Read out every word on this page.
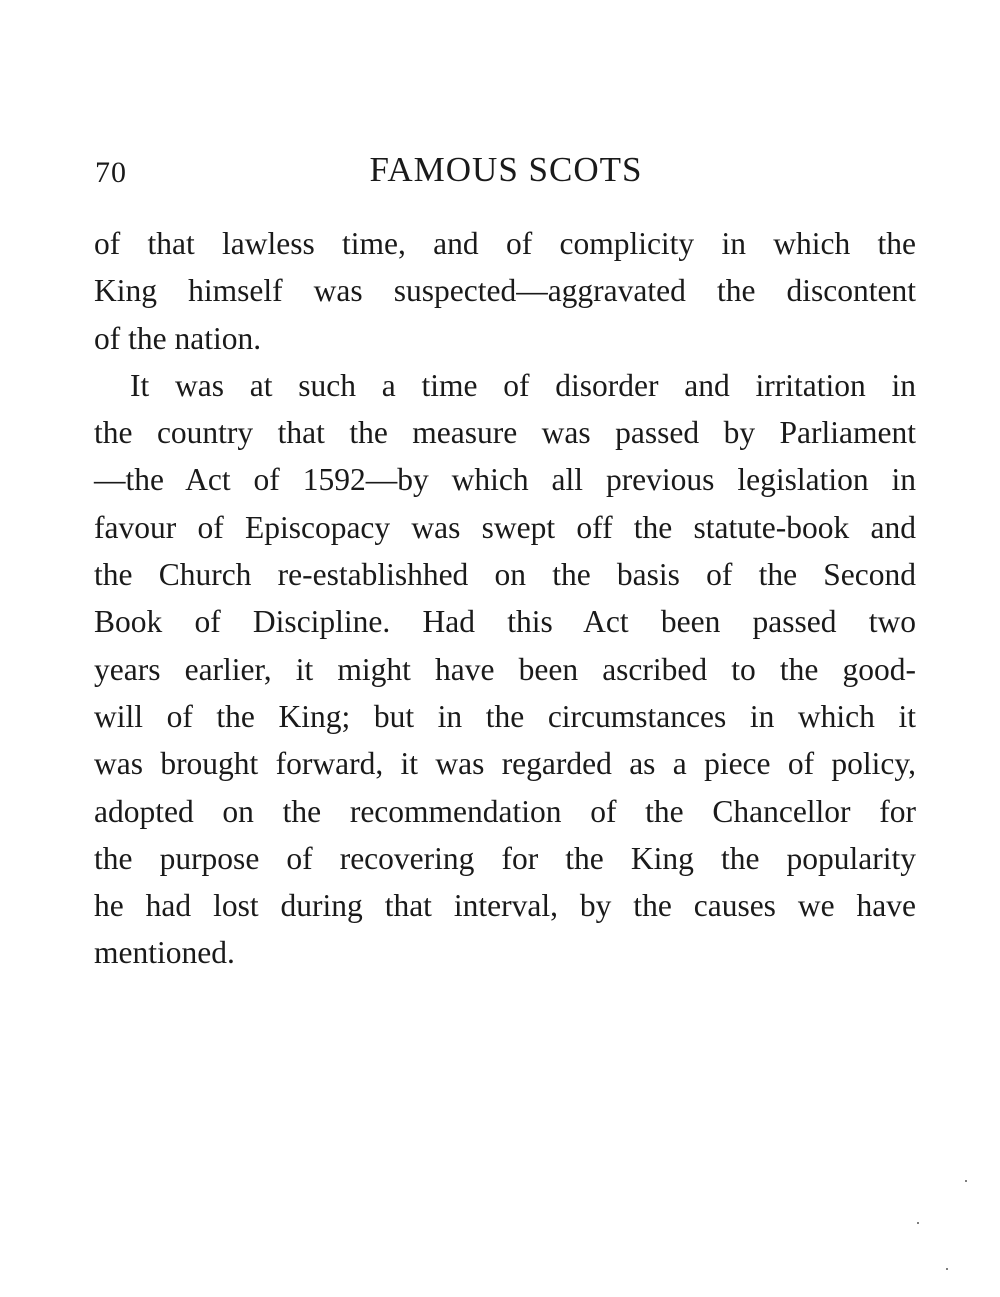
70	FAMOUS SCOTS
of that lawless time, and of complicity in which the
King himself was suspected—aggravated the discontent
of the nation.
It was at such a time of disorder and irritation in
the country that the measure was passed by Parliament
—the Act of 1592—by which all previous legislation in
favour of Episcopacy was swept off the statute-book and
the Church re-establishhed on the basis of the Second
Book of Discipline. Had this Act been passed two
years earlier, it might have been ascribed to the good-
will of the King; but in the circumstances in which it
was brought forward, it was regarded as a piece of policy,
adopted on the recommendation of the Chancellor for
the purpose of recovering for the King the popularity
he had lost during that interval, by the causes we have
mentioned.
